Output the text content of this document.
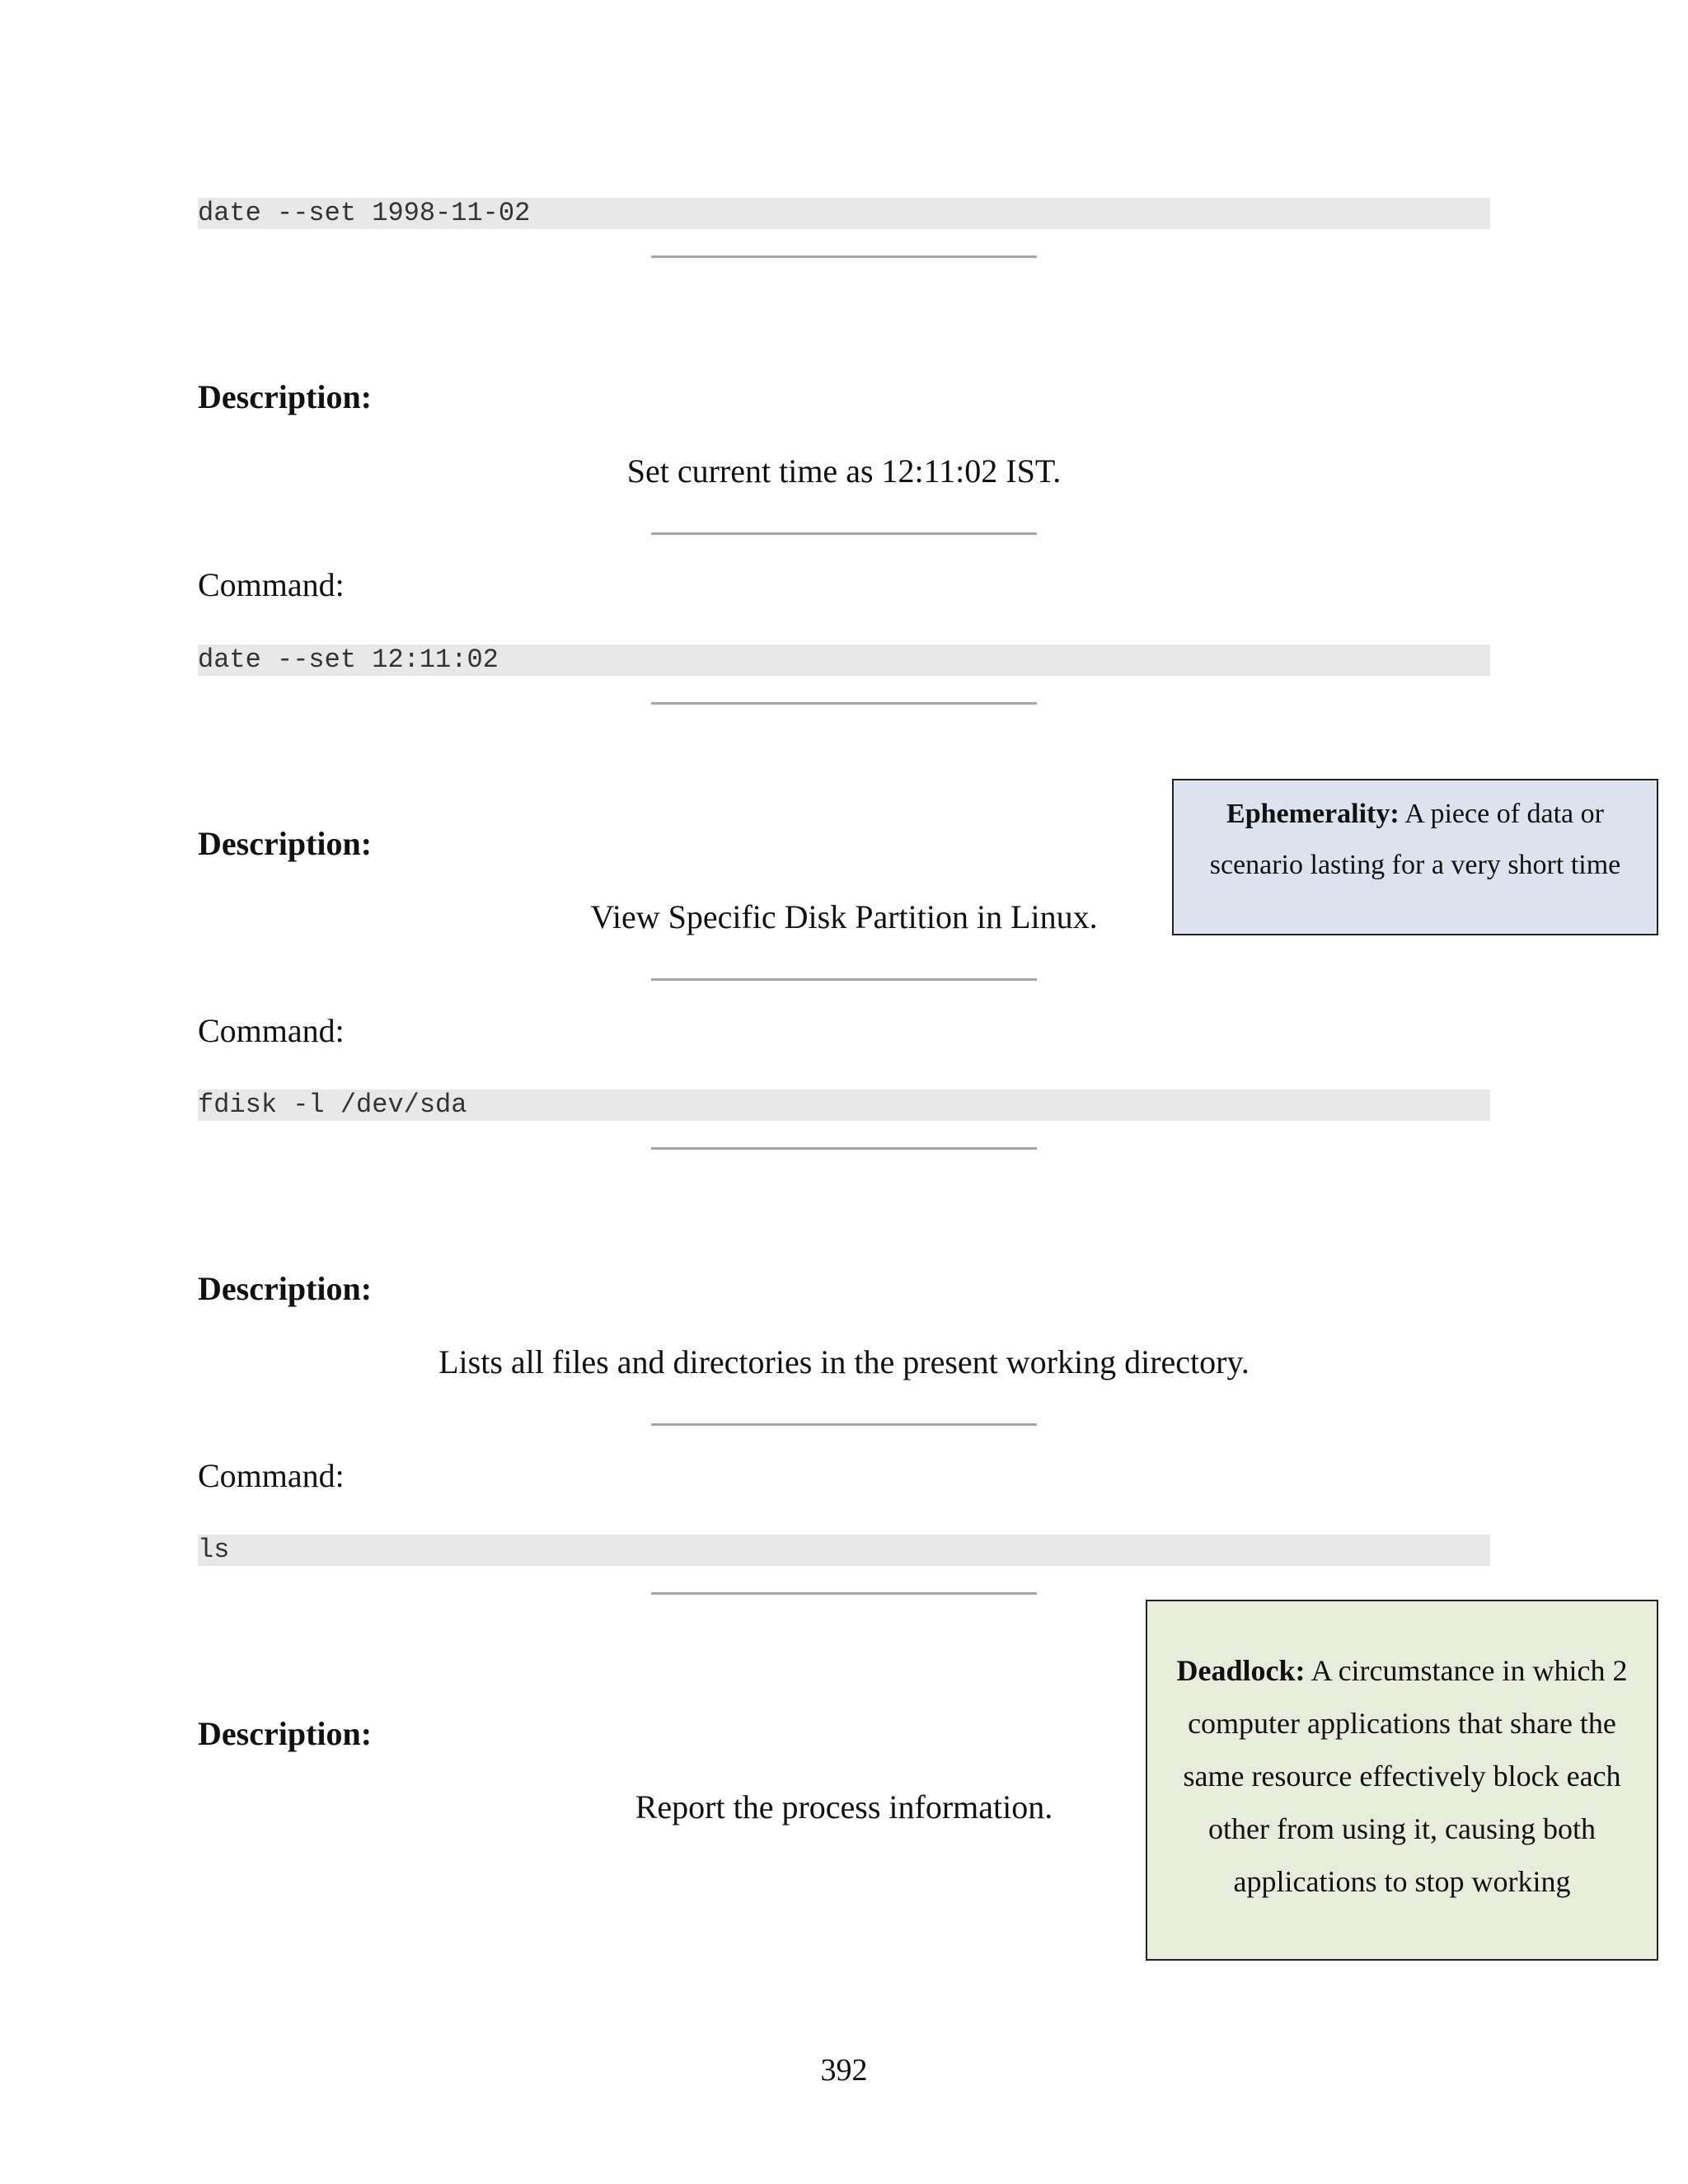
date --set 1998-11-02
Description:
Set current time as 12:11:02 IST.
Command:
date --set 12:11:02
Description:
View Specific Disk Partition in Linux.
Command:
fdisk -l /dev/sda
Ephemerality: A piece of data or scenario lasting for a very short time
Description:
Lists all files and directories in the present working directory.
Command:
ls
Description:
Report the process information.
Deadlock: A circumstance in which 2 computer applications that share the same resource effectively block each other from using it, causing both applications to stop working
392
